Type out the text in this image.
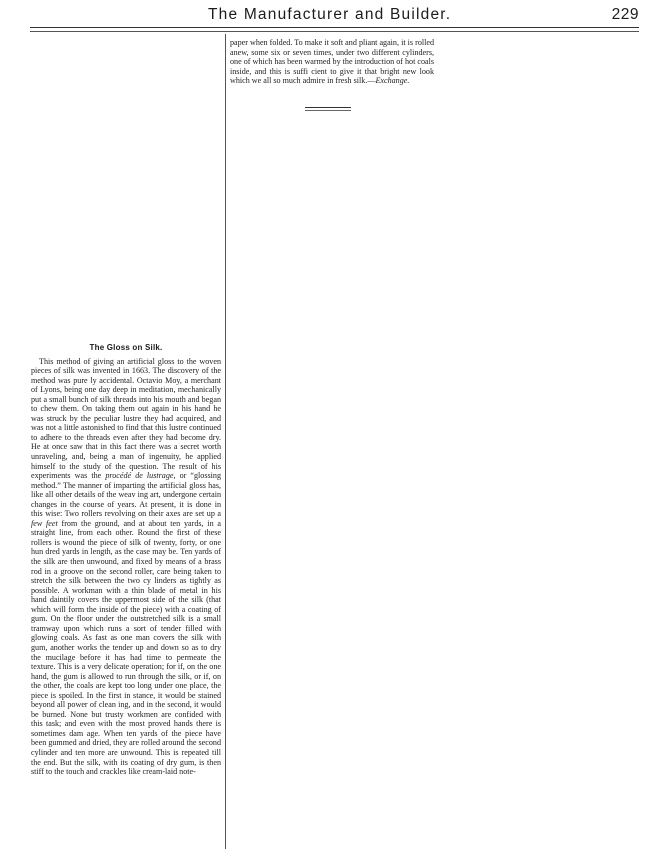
The Manufacturer and Builder.	229

paper when folded. To make it soft and pliant again, it is rolled anew, some six or seven times, under two different cylinders, one of which has been warmed by the introduction of hot coals inside, and this is suffi cient to give it that bright new look which we all so much admire in fresh silk.—Exchange.

The Gloss on Silk.

This method of giving an artificial gloss to the woven pieces of silk was invented in 1663. The discovery of the method was pure ly accidental. Octavio Moy, a merchant of Lyons, being one day deep in meditation, mechanically put a small bunch of silk threads into his mouth and began to chew them. On taking them out again in his hand he was struck by the peculiar lustre they had acquired, and was not a little astonished to find that this lustre continued to adhere to the threads even after they had become dry. He at once saw that in this fact there was a secret worth unraveling, and, being a man of ingenuity, he applied himself to the study of the question. The result of his experiments was the procédé de lustrage, or “glossing method.” The manner of imparting the artificial gloss has, like all other details of the weav ing art, undergone certain changes in the course of years. At present, it is done in this wise: Two rollers revolving on their axes are set up a few feet from the ground, and at about ten yards, in a straight line, from each other. Round the first of these rollers is wound the piece of silk of twenty, forty, or one hun dred yards in length, as the case may be. Ten yards of the silk are then unwound, and fixed by means of a brass rod in a groove on the second roller, care being taken to stretch the silk between the two cy linders as tightly as possible. A workman with a thin blade of metal in his hand daintily covers the uppermost side of the silk (that which will form the inside of the piece) with a coating of gum. On the floor under the outstretched silk is a small tramway upon which runs a sort of tender filled with glowing coals. As fast as one man covers the silk with gum, another works the tender up and down so as to dry the mucilage before it has had time to permeate the texture. This is a very delicate operation; for if, on the one hand, the gum is allowed to run through the silk, or if, on the other, the coals are kept too long under one place, the piece is spoiled. In the first in stance, it would be stained beyond all power of clean ing, and in the second, it would be burned. None but trusty workmen are confided with this task; and even with the most proved hands there is sometimes dam age. When ten yards of the piece have been gummed and dried, they are rolled around the second cylinder and ten more are unwound. This is repeated till the end. But the silk, with its coating of dry gum, is then stiff to the touch and crackles like cream-laid note-
